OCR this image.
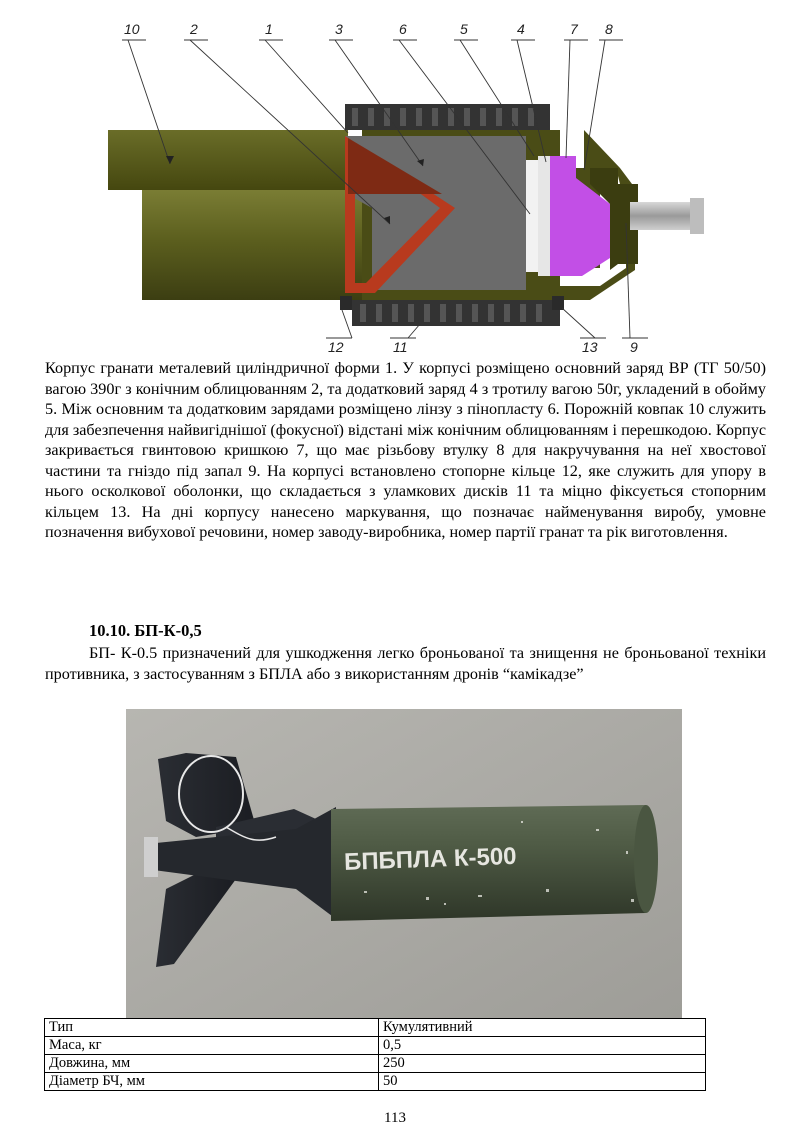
10	2	1	3	6	5	4	7 8
12	11	13 9

Корпус гранати металевий циліндричної форми 1. У корпусі розміщено основний заряд ВР (ТГ 50/50) вагою 390г з конічним облицюванням 2, та додатковий заряд 4 з тротилу вагою 50г, укладений в обойму 5. Між основним та додатковим зарядами розміщено лінзу з пінопласту 6. Порожній ковпак 10 служить для забезпечення найвигіднішої (фокусної) відстані між конічним облицюванням і перешкодою. Корпус закривається гвинтовою кришкою 7, що має різьбову втулку 8 для накручування на неї хвостової частини та гніздо під запал 9. На корпусі встановлено стопорне кільце 12, яке служить для упору в нього осколкової оболонки, що складається з уламкових дисків 11 та міцно фіксується стопорним кільцем 13. На дні корпусу нанесено маркування, що позначає найменування виробу, умовне позначення вибухової речовини, номер заводу-виробника, номер партії гранат та рік виготовлення.

10.10. БП-К-0,5

БП- К-0.5 призначений для ушкодження легко броньованої та знищення не броньованої техніки противника, з застосуванням з БПЛА або з використанням дронів “камікадзе”

БПБПЛА К-500
Тип	Кумулятивний
Маса, кг	0,5
Довжина, мм	250
Діаметр БЧ, мм	50
113
